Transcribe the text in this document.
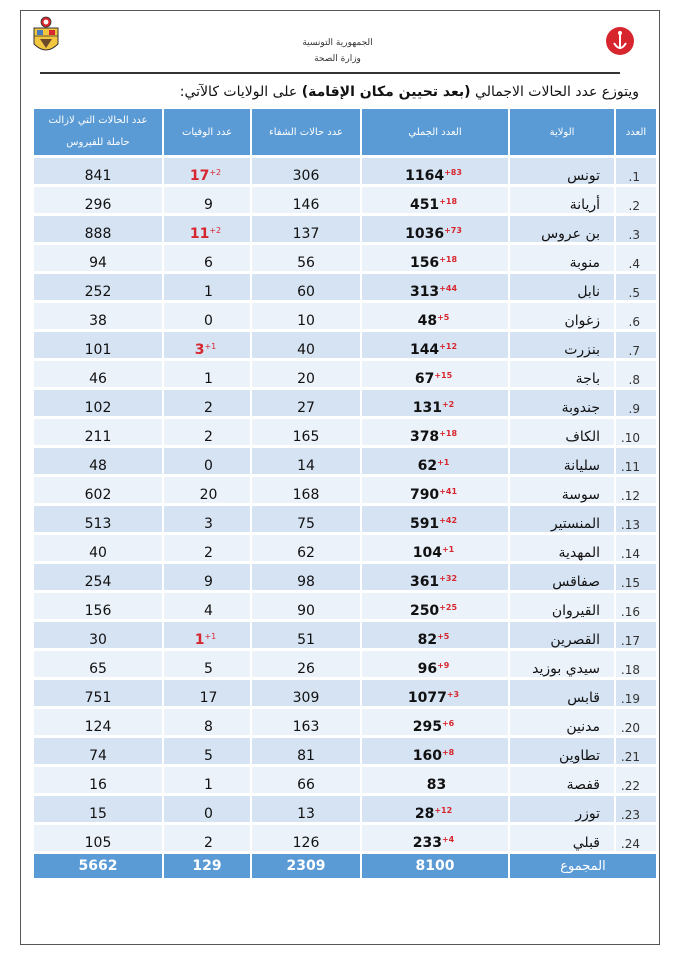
الجمهورية التونسية
وزارة الصحة
ويتوزع عدد الحالات الاجمالي (بعد تحيين مكان الإقامة) على الولايات كالآتي:
العدد	الولاية	العدد الجملي	عدد حالات الشفاء	عدد الوفيات	عدد الحالات التي لازالت
حاملة للفيروس

1.	تونس	$1164^{+83}$	306	$17^{+2}$	841
2.	أريانة	$451^{+18}$	146	9	296
3.	بن عروس	$1036^{+73}$	137	$11^{+2}$	888
4.	منوبة	$156^{+18}$	56	6	94
5.	نابل	$313^{+44}$	60	1	252
6.	زغوان	$48^{+5}$	10	0	38
7.	بنزرت	$144^{+12}$	40	$3^{+1}$	101
8.	باجة	$67^{+15}$	20	1	46
9.	جندوبة	$131^{+2}$	27	2	102
10.	الكاف	$378^{+18}$	165	2	211
11.	سليانة	$62^{+1}$	14	0	48
12.	سوسة	$790^{+41}$	168	20	602
13.	المنستير	$591^{+42}$	75	3	513
14.	المهدية	$104^{+1}$	62	2	40
15.	صفاقس	$361^{+32}$	98	9	254
16.	القيروان	$250^{+25}$	90	4	156
17.	القصرين	$82^{+5}$	51	$1^{+1}$	30
18.	سيدي بوزيد	$96^{+9}$	26	5	65
19.	قابس	$1077^{+3}$	309	17	751
20.	مدنين	$295^{+6}$	163	8	124
21.	تطاوين	$160^{+8}$	81	5	74
22.	قفصة	83	66	1	16
23.	توزر	$28^{+12}$	13	0	15
24.	قبلي	$233^{+4}$	126	2	105
المجموع		8100	2309	129	5662
